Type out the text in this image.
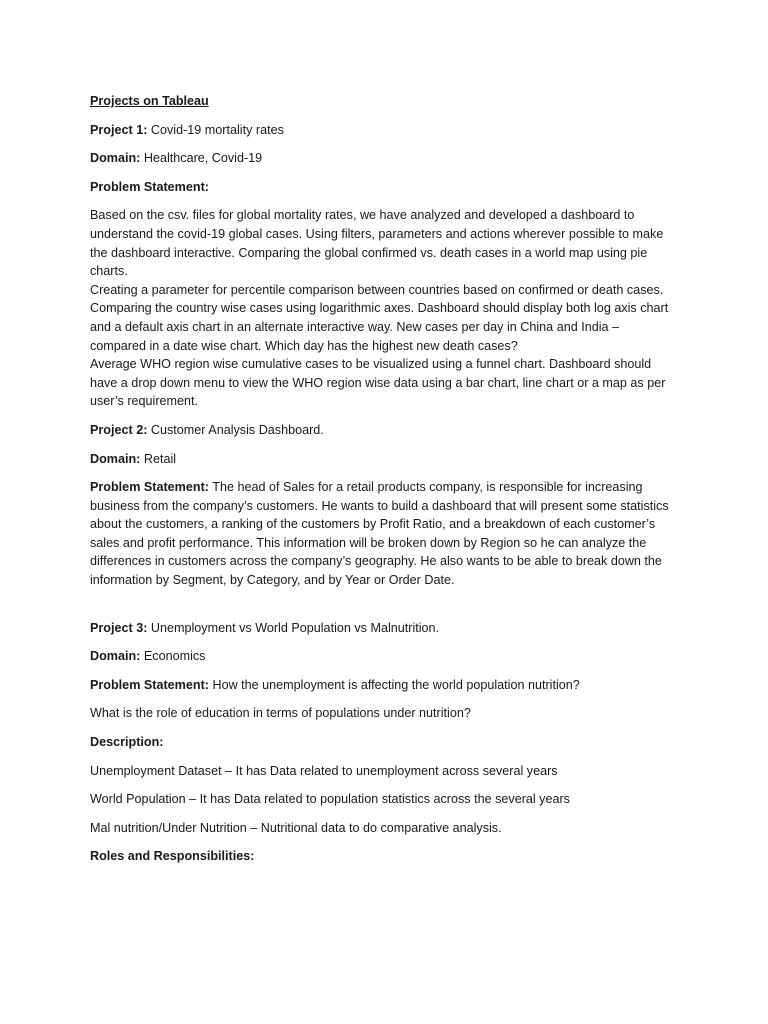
Projects on Tableau

Project 1: Covid-19 mortality rates

Domain: Healthcare, Covid-19

Problem Statement:

Based on the csv. files for global mortality rates, we have analyzed and developed a dashboard to
understand the covid-19 global cases. Using filters, parameters and actions wherever possible to make
the dashboard interactive. Comparing the global confirmed vs. death cases in a world map using pie
charts.
Creating a parameter for percentile comparison between countries based on confirmed or death cases.
Comparing the country wise cases using logarithmic axes. Dashboard should display both log axis chart
and a default axis chart in an alternate interactive way. New cases per day in China and India –
compared in a date wise chart. Which day has the highest new death cases?
Average WHO region wise cumulative cases to be visualized using a funnel chart. Dashboard should
have a drop down menu to view the WHO region wise data using a bar chart, line chart or a map as per
user’s requirement.

Project 2: Customer Analysis Dashboard.

Domain: Retail

Problem Statement: The head of Sales for a retail products company, is responsible for increasing
business from the company’s customers. He wants to build a dashboard that will present some statistics
about the customers, a ranking of the customers by Profit Ratio, and a breakdown of each customer’s
sales and profit performance. This information will be broken down by Region so he can analyze the
differences in customers across the company’s geography. He also wants to be able to break down the
information by Segment, by Category, and by Year or Order Date.

Project 3: Unemployment vs World Population vs Malnutrition.

Domain: Economics

Problem Statement: How the unemployment is affecting the world population nutrition?

What is the role of education in terms of populations under nutrition?

Description:

Unemployment Dataset – It has Data related to unemployment across several years

World Population – It has Data related to population statistics across the several years

Mal nutrition/Under Nutrition – Nutritional data to do comparative analysis.

Roles and Responsibilities:
